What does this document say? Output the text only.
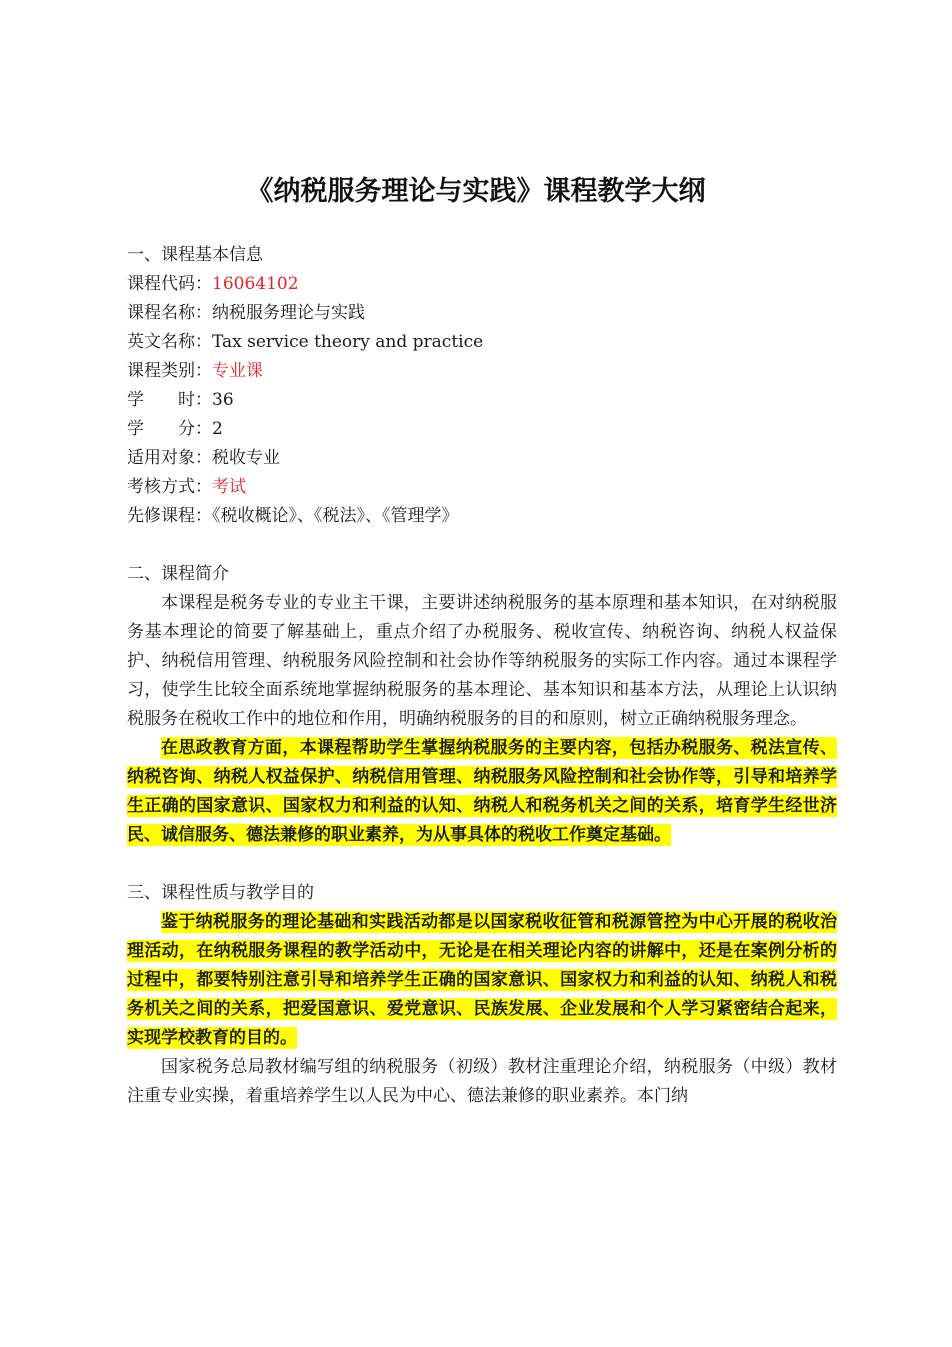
《纳税服务理论与实践》课程教学大纲
一、课程基本信息
课程代码：16064102
课程名称：纳税服务理论与实践
英文名称：Tax service theory and practice
课程类别：专业课
学　　时：36
学　　分：2
适用对象：税收专业
考核方式：考试
先修课程：《税收概论》、《税法》、《管理学》
二、课程简介

本课程是税务专业的专业主干课，主要讲述纳税服务的基本原理和基本知识，在对纳税服务基本理论的简要了解基础上，重点介绍了办税服务、税收宣传、纳税咨询、纳税人权益保护、纳税信用管理、纳税服务风险控制和社会协作等纳税服务的实际工作内容。通过本课程学习，使学生比较全面系统地掌握纳税服务的基本理论、基本知识和基本方法，从理论上认识纳税服务在税收工作中的地位和作用，明确纳税服务的目的和原则，树立正确纳税服务理念。

在思政教育方面，本课程帮助学生掌握纳税服务的主要内容，包括办税服务、税法宣传、纳税咨询、纳税人权益保护、纳税信用管理、纳税服务风险控制和社会协作等，引导和培养学生正确的国家意识、国家权力和利益的认知、纳税人和税务机关之间的关系，培育学生经世济民、诚信服务、德法兼修的职业素养，为从事具体的税收工作奠定基础。

三、课程性质与教学目的

鉴于纳税服务的理论基础和实践活动都是以国家税收征管和税源管控为中心开展的税收治理活动，在纳税服务课程的教学活动中，无论是在相关理论内容的讲解中，还是在案例分析的过程中，都要特别注意引导和培养学生正确的国家意识、国家权力和利益的认知、纳税人和税务机关之间的关系，把爱国意识、爱党意识、民族发展、企业发展和个人学习紧密结合起来，实现学校教育的目的。

国家税务总局教材编写组的纳税服务（初级）教材注重理论介绍，纳税服务（中级）教材注重专业实操，着重培养学生以人民为中心、德法兼修的职业素养。本门纳
